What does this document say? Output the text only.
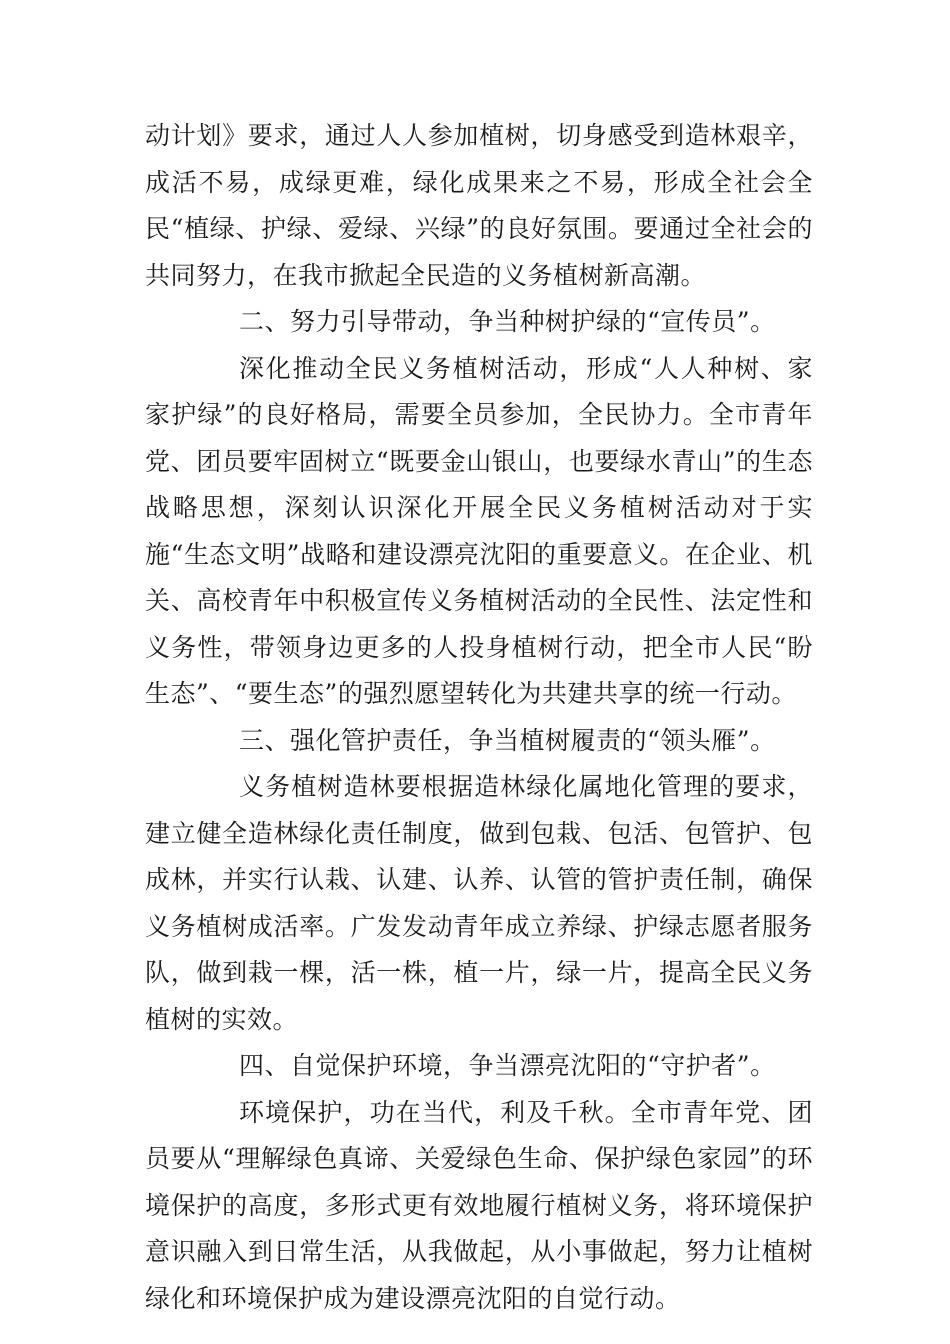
动计划》要求，通过人人参加植树，切身感受到造林艰辛，成活不易，成绿更难，绿化成果来之不易，形成全社会全民“植绿、护绿、爱绿、兴绿”的良好氛围。要通过全社会的共同努力，在我市掀起全民造的义务植树新高潮。

二、努力引导带动，争当种树护绿的“宣传员”。

深化推动全民义务植树活动，形成“人人种树、家家护绿”的良好格局，需要全员参加，全民协力。全市青年党、团员要牢固树立“既要金山银山，也要绿水青山”的生态战略思想，深刻认识深化开展全民义务植树活动对于实施“生态文明”战略和建设漂亮沈阳的重要意义。在企业、机关、高校青年中积极宣传义务植树活动的全民性、法定性和义务性，带领身边更多的人投身植树行动，把全市人民“盼生态”、“要生态”的强烈愿望转化为共建共享的统一行动。

三、强化管护责任，争当植树履责的“领头雁”。

义务植树造林要根据造林绿化属地化管理的要求，建立健全造林绿化责任制度，做到包栽、包活、包管护、包成林，并实行认栽、认建、认养、认管的管护责任制，确保义务植树成活率。广发发动青年成立养绿、护绿志愿者服务队，做到栽一棵，活一株，植一片，绿一片，提高全民义务植树的实效。

四、自觉保护环境，争当漂亮沈阳的“守护者”。

环境保护，功在当代，利及千秋。全市青年党、团员要从“理解绿色真谛、关爱绿色生命、保护绿色家园”的环境保护的高度，多形式更有效地履行植树义务，将环境保护意识融入到日常生活，从我做起，从小事做起，努力让植树绿化和环境保护成为建设漂亮沈阳的自觉行动。
